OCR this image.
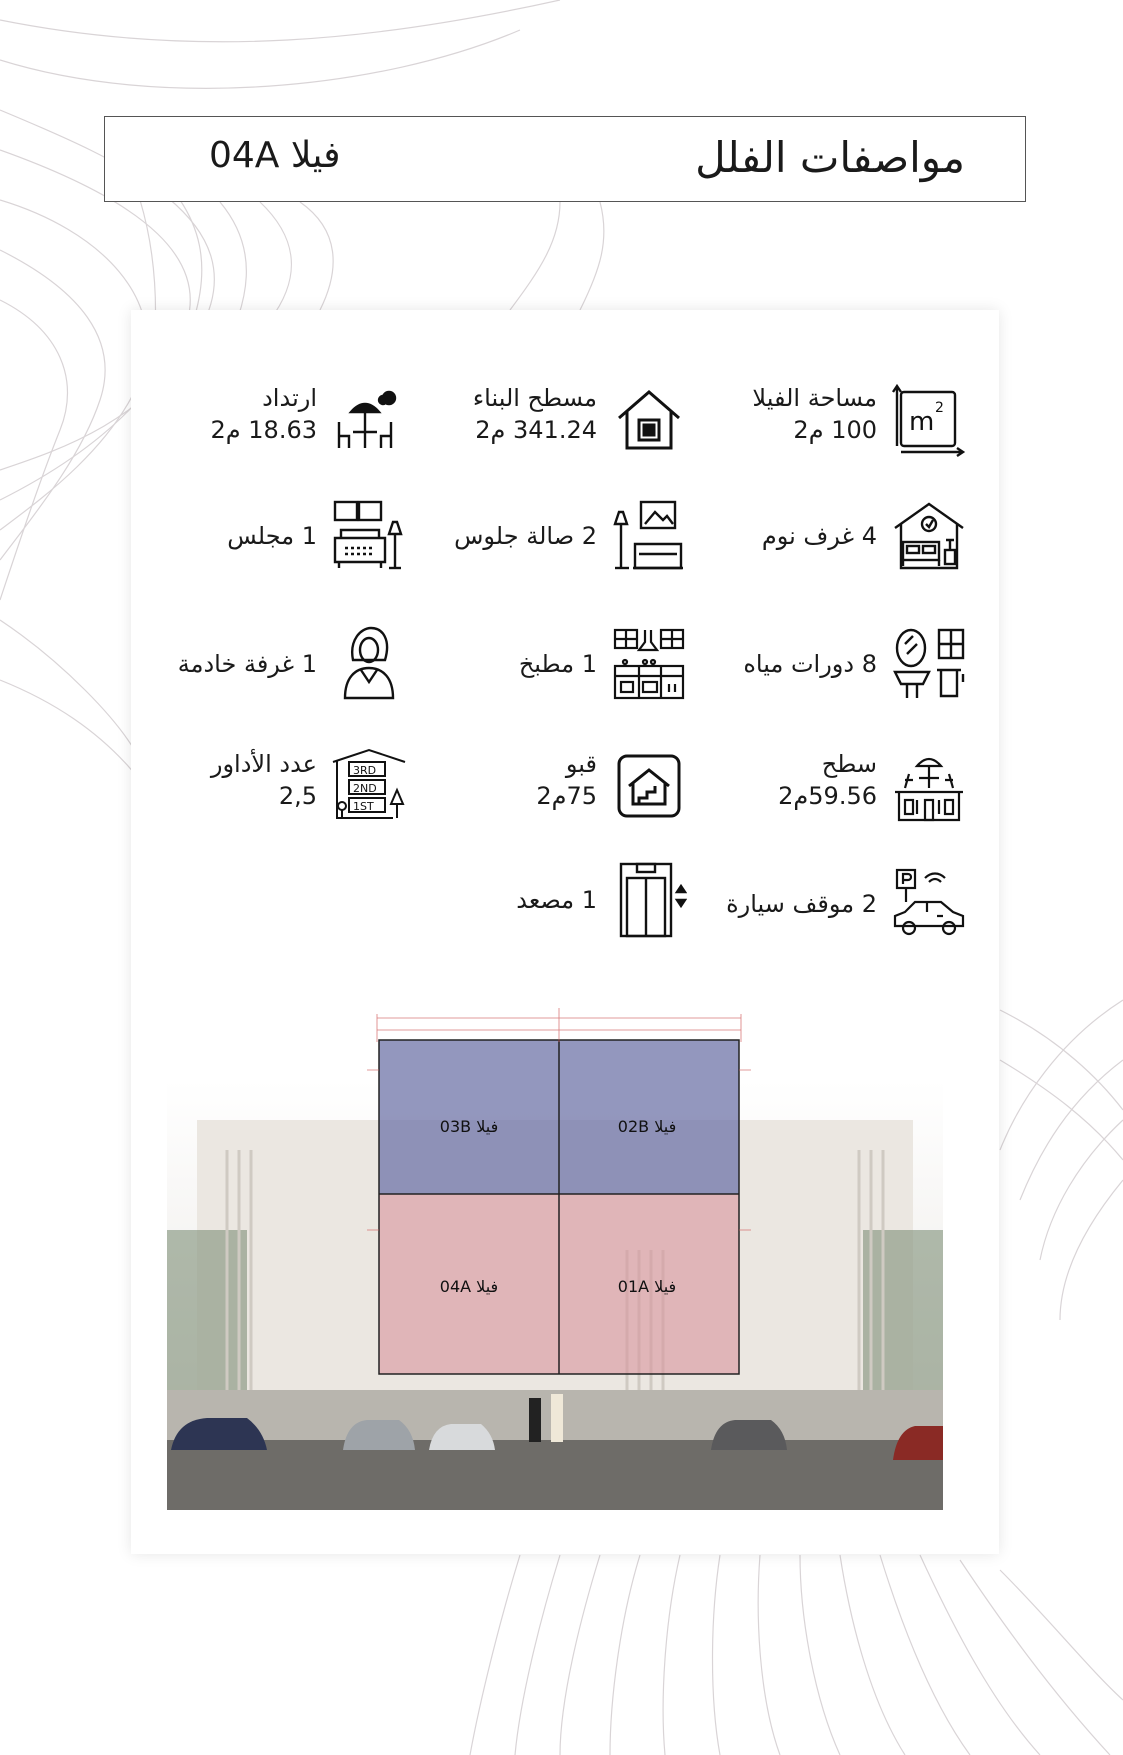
مواصفات الفلل
فيلا 04A
m 2
مساحة الفيلا
100 م2
مسطح البناء
341.24 م2
ارتداد
18.63 م2
4 غرف نوم
2 صالة جلوس
1 مجلس
8 دورات مياه
1 مطبخ
1 غرفة خادمة
سطح
59.56م2
قبو
75م2
3RD
2ND
1ST
عدد الأداور
2,5
2 موقف سيارة
1 مصعد
فيلا 03B	فيلا 02B
فيلا 04A	فيلا 01A
